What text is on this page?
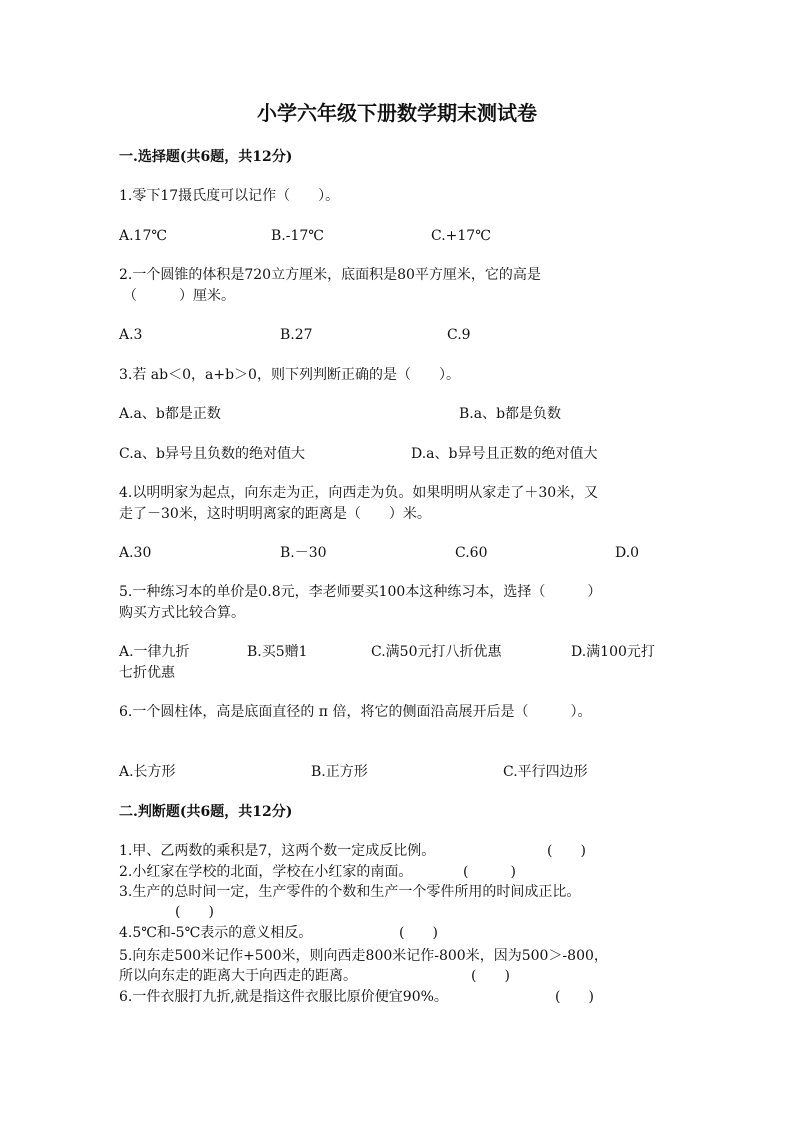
小学六年级下册数学期末测试卷
一.选择题(共6题，共12分)
1.零下17摄氏度可以记作（　　）。
A.17℃	B.-17℃	C.+17℃
2.一个圆锥的体积是720立方厘米，底面积是80平方厘米，它的高是
（　　　）厘米。
A.3	B.27	C.9
3.若 ab＜0，a+b＞0，则下列判断正确的是（　　）。
A.a、b都是正数	B.a、b都是负数
C.a、b异号且负数的绝对值大	D.a、b异号且正数的绝对值大
4.以明明家为起点，向东走为正，向西走为负。如果明明从家走了＋30米，又
走了－30米，这时明明离家的距离是（　　）米。
A.30	B.－30	C.60	D.0
5.一种练习本的单价是0.8元，李老师要买100本这种练习本，选择（　　　）
购买方式比较合算。
A.一律九折	B.买5赠1	C.满50元打八折优惠	D.满100元打
七折优惠
6.一个圆柱体，高是底面直径的 π 倍，将它的侧面沿高展开后是（　　　）。
A.长方形	B.正方形	C.平行四边形
二.判断题(共6题，共12分)
1.甲、乙两数的乘积是7，这两个数一定成反比例。	(　　)
2.小红家在学校的北面，学校在小红家的南面。	(　　　)
3.生产的总时间一定，生产零件的个数和生产一个零件所用的时间成正比。
(　　)
4.5℃和-5℃表示的意义相反。	(　　)
5.向东走500米记作+500米，则向西走800米记作-800米，因为500＞-800，
所以向东走的距离大于向西走的距离。	(　　)
6.一件衣服打九折,就是指这件衣服比原价便宜90%。	(　　)
